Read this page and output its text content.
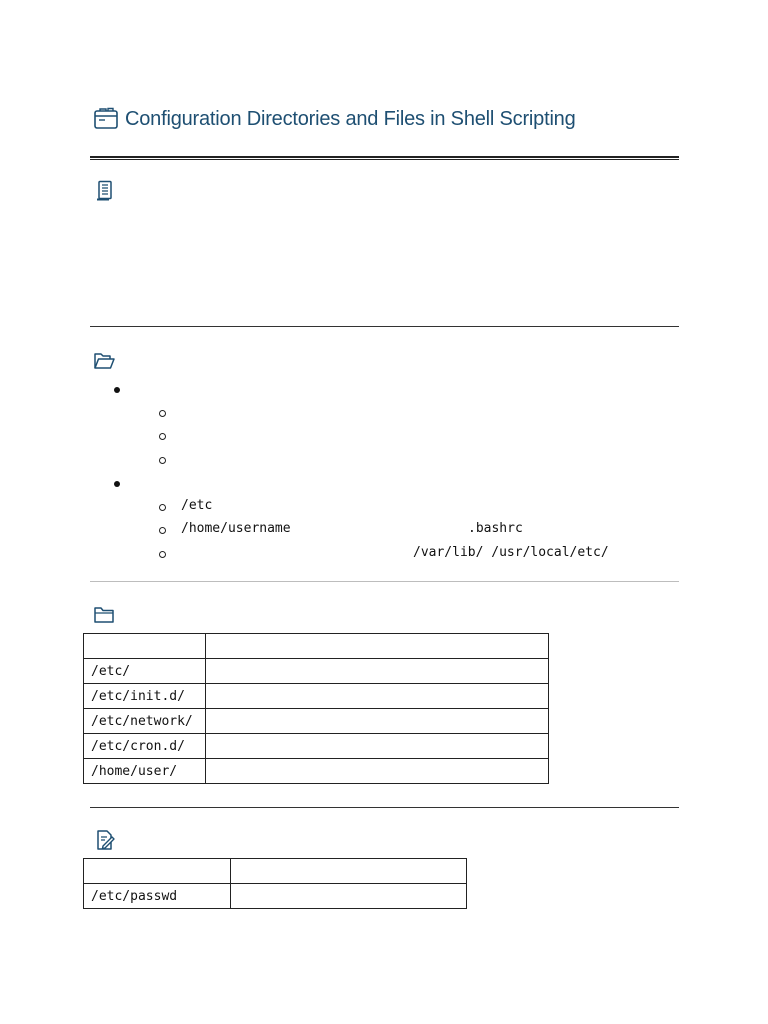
Configuration Directories and Files in Shell Scripting
/etc
/home/username	.bashrc
/var/lib/ /usr/local/etc/

/etc/	
/etc/init.d/	
/etc/network/	
/etc/cron.d/	
/home/user/	

/etc/passwd	
